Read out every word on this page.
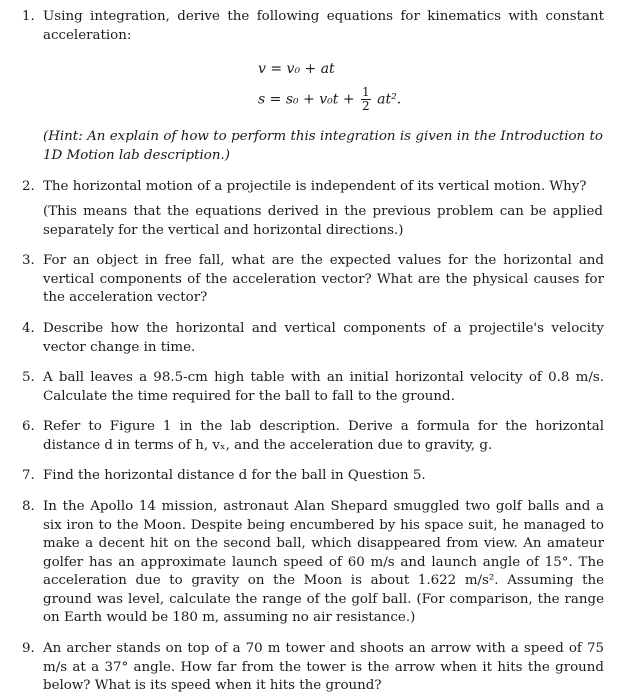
1. Using integration, derive the following equations for kinematics with constant acceleration:
v = v₀ + at
$s = s_0 + v_0t + \frac{1}{2} at^2$.
(Hint: An explain of how to perform this integration is given in the Introduction to 1D Motion lab description.)
2. The horizontal motion of a projectile is independent of its vertical motion. Why?
(This means that the equations derived in the previous problem can be applied separately for the vertical and horizontal directions.)
3. For an object in free fall, what are the expected values for the horizontal and vertical components of the acceleration vector? What are the physical causes for the acceleration vector?
4. Describe how the horizontal and vertical components of a projectile's velocity vector change in time.
5. A ball leaves a 98.5-cm high table with an initial horizontal velocity of 0.8 m/s. Calculate the time required for the ball to fall to the ground.
6. Refer to Figure 1 in the lab description. Derive a formula for the horizontal distance d in terms of h, vₓ, and the acceleration due to gravity, g.
7. Find the horizontal distance d for the ball in Question 5.
8. In the Apollo 14 mission, astronaut Alan Shepard smuggled two golf balls and a six iron to the Moon. Despite being encumbered by his space suit, he managed to make a decent hit on the second ball, which disappeared from view. An amateur golfer has an approximate launch speed of 60 m/s and launch angle of 15°. The acceleration due to gravity on the Moon is about 1.622 m/s². Assuming the ground was level, calculate the range of the golf ball. (For comparison, the range on Earth would be 180 m, assuming no air resistance.)
9. An archer stands on top of a 70 m tower and shoots an arrow with a speed of 75 m/s at a 37° angle. How far from the tower is the arrow when it hits the ground below? What is its speed when it hits the ground?
